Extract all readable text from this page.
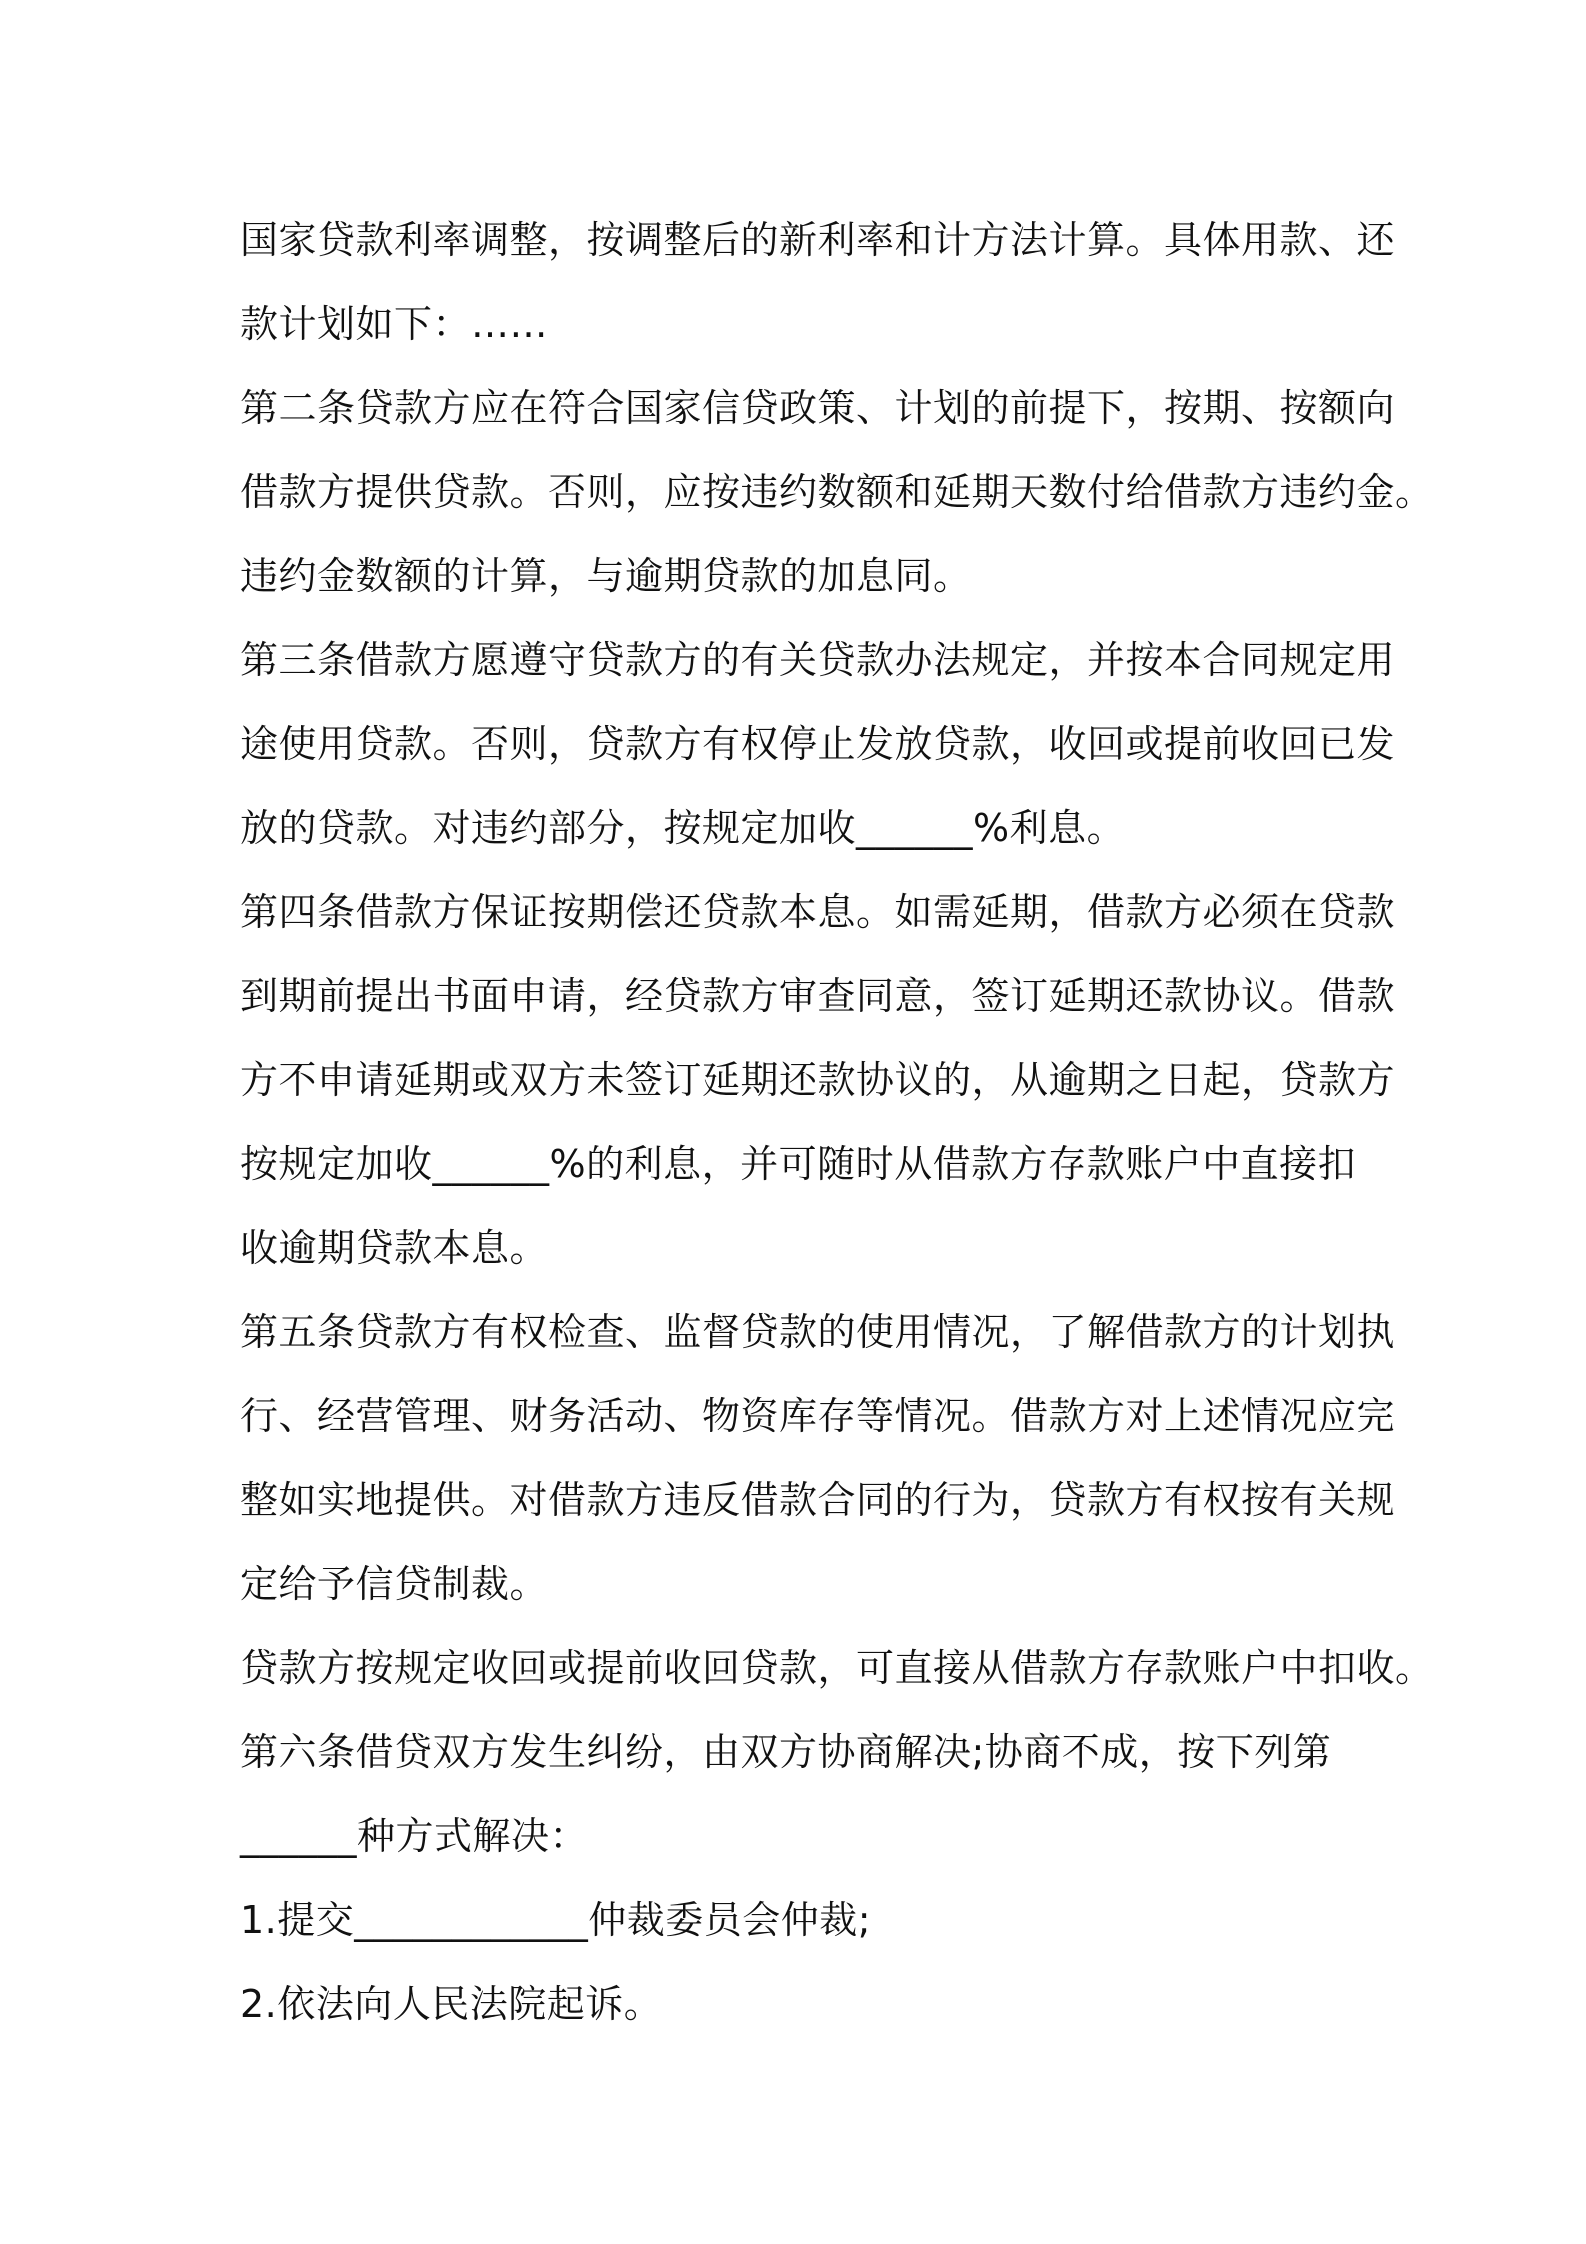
国家贷款利率调整，按调整后的新利率和计方法计算。具体用款、还
款计划如下：……
第二条贷款方应在符合国家信贷政策、计划的前提下，按期、按额向
借款方提供贷款。否则，应按违约数额和延期天数付给借款方违约金。
违约金数额的计算，与逾期贷款的加息同。
第三条借款方愿遵守贷款方的有关贷款办法规定，并按本合同规定用
途使用贷款。否则，贷款方有权停止发放贷款，收回或提前收回已发
放的贷款。对违约部分，按规定加收______%利息。
第四条借款方保证按期偿还贷款本息。如需延期，借款方必须在贷款
到期前提出书面申请，经贷款方审查同意，签订延期还款协议。借款
方不申请延期或双方未签订延期还款协议的，从逾期之日起，贷款方
按规定加收______%的利息，并可随时从借款方存款账户中直接扣
收逾期贷款本息。
第五条贷款方有权检查、监督贷款的使用情况，了解借款方的计划执
行、经营管理、财务活动、物资库存等情况。借款方对上述情况应完
整如实地提供。对借款方违反借款合同的行为，贷款方有权按有关规
定给予信贷制裁。
贷款方按规定收回或提前收回贷款，可直接从借款方存款账户中扣收。
第六条借贷双方发生纠纷，由双方协商解决;协商不成，按下列第
______种方式解决：
1.提交____________仲裁委员会仲裁;
2.依法向人民法院起诉。
